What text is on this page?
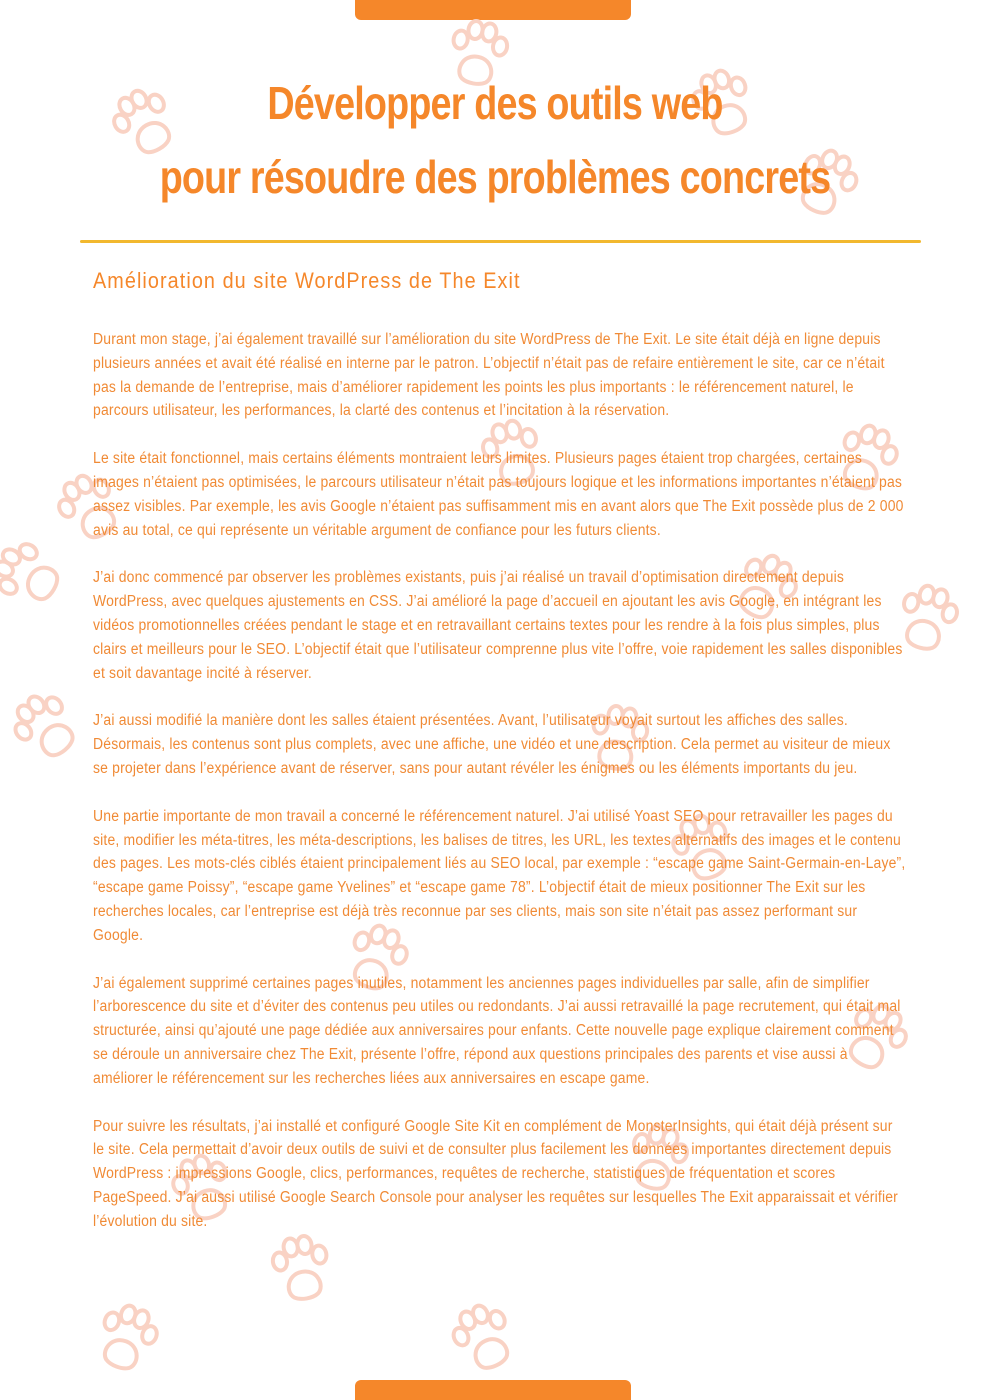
Développer des outils web
pour résoudre des problèmes concrets
Amélioration du site WordPress de The Exit

Durant mon stage, j’ai également travaillé sur l’amélioration du site WordPress de The Exit. Le site était déjà en ligne depuis plusieurs années et avait été réalisé en interne par le patron. L’objectif n’était pas de refaire entièrement le site, car ce n’était pas la demande de l’entreprise, mais d’améliorer rapidement les points les plus importants : le référencement naturel, le parcours utilisateur, les performances, la clarté des contenus et l’incitation à la réservation.

Le site était fonctionnel, mais certains éléments montraient leurs limites. Plusieurs pages étaient trop chargées, certaines images n’étaient pas optimisées, le parcours utilisateur n’était pas toujours logique et les informations importantes n’étaient pas assez visibles. Par exemple, les avis Google n’étaient pas suffisamment mis en avant alors que The Exit possède plus de 2 000 avis au total, ce qui représente un véritable argument de confiance pour les futurs clients.

J’ai donc commencé par observer les problèmes existants, puis j’ai réalisé un travail d’optimisation directement depuis WordPress, avec quelques ajustements en CSS. J’ai amélioré la page d’accueil en ajoutant les avis Google, en intégrant les vidéos promotionnelles créées pendant le stage et en retravaillant certains textes pour les rendre à la fois plus simples, plus clairs et meilleurs pour le SEO. L’objectif était que l’utilisateur comprenne plus vite l’offre, voie rapidement les salles disponibles et soit davantage incité à réserver.

J’ai aussi modifié la manière dont les salles étaient présentées. Avant, l’utilisateur voyait surtout les affiches des salles. Désormais, les contenus sont plus complets, avec une affiche, une vidéo et une description. Cela permet au visiteur de mieux se projeter dans l’expérience avant de réserver, sans pour autant révéler les énigmes ou les éléments importants du jeu.

Une partie importante de mon travail a concerné le référencement naturel. J’ai utilisé Yoast SEO pour retravailler les pages du site, modifier les méta-titres, les méta-descriptions, les balises de titres, les URL, les textes alternatifs des images et le contenu des pages. Les mots-clés ciblés étaient principalement liés au SEO local, par exemple : “escape game Saint-Germain-en-Laye”, “escape game Poissy”, “escape game Yvelines” et “escape game 78”. L’objectif était de mieux positionner The Exit sur les recherches locales, car l’entreprise est déjà très reconnue par ses clients, mais son site n’était pas assez performant sur Google.

J’ai également supprimé certaines pages inutiles, notamment les anciennes pages individuelles par salle, afin de simplifier l’arborescence du site et d’éviter des contenus peu utiles ou redondants. J’ai aussi retravaillé la page recrutement, qui était mal structurée, ainsi qu’ajouté une page dédiée aux anniversaires pour enfants. Cette nouvelle page explique clairement comment se déroule un anniversaire chez The Exit, présente l’offre, répond aux questions principales des parents et vise aussi à améliorer le référencement sur les recherches liées aux anniversaires en escape game.

Pour suivre les résultats, j’ai installé et configuré Google Site Kit en complément de MonsterInsights, qui était déjà présent sur le site. Cela permettait d’avoir deux outils de suivi et de consulter plus facilement les données importantes directement depuis WordPress : impressions Google, clics, performances, requêtes de recherche, statistiques de fréquentation et scores PageSpeed. J’ai aussi utilisé Google Search Console pour analyser les requêtes sur lesquelles The Exit apparaissait et vérifier l’évolution du site.
